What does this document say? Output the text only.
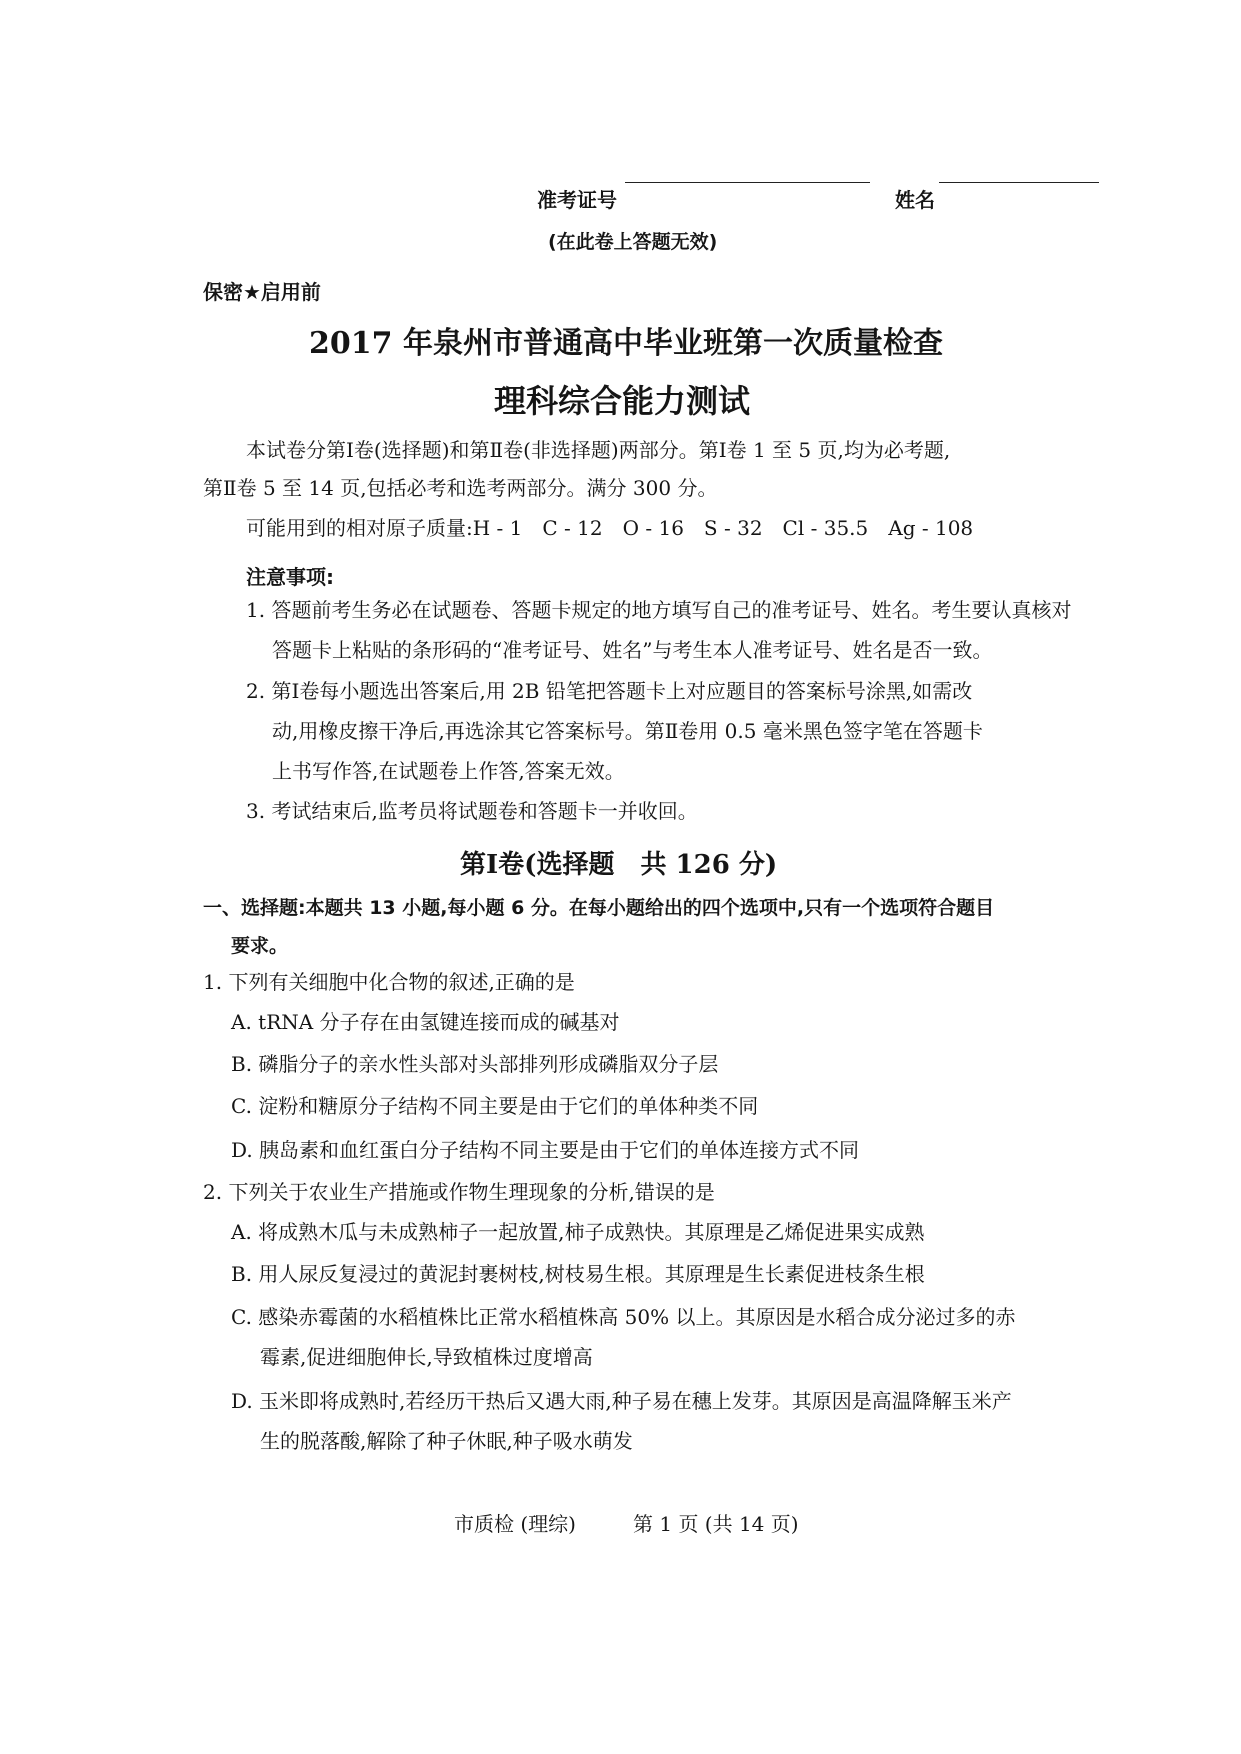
准考证号	姓名
(在此卷上答题无效)
保密★启用前
2017 年泉州市普通高中毕业班第一次质量检查
理科综合能力测试
本试卷分第Ⅰ卷(选择题)和第Ⅱ卷(非选择题)两部分。第Ⅰ卷 1 至 5 页,均为必考题,
第Ⅱ卷 5 至 14 页,包括必考和选考两部分。满分 300 分。
可能用到的相对原子质量:H - 1　C - 12　O - 16　S - 32　Cl - 35.5　Ag - 108
注意事项:
1. 答题前考生务必在试题卷、答题卡规定的地方填写自己的准考证号、姓名。考生要认真核对
答题卡上粘贴的条形码的“准考证号、姓名”与考生本人准考证号、姓名是否一致。
2. 第Ⅰ卷每小题选出答案后,用 2B 铅笔把答题卡上对应题目的答案标号涂黑,如需改
动,用橡皮擦干净后,再选涂其它答案标号。第Ⅱ卷用 0.5 毫米黑色签字笔在答题卡
上书写作答,在试题卷上作答,答案无效。
3. 考试结束后,监考员将试题卷和答题卡一并收回。
第Ⅰ卷(选择题　共 126 分)
一、选择题:本题共 13 小题,每小题 6 分。在每小题给出的四个选项中,只有一个选项符合题目
要求。
1. 下列有关细胞中化合物的叙述,正确的是
A. tRNA 分子存在由氢键连接而成的碱基对
B. 磷脂分子的亲水性头部对头部排列形成磷脂双分子层
C. 淀粉和糖原分子结构不同主要是由于它们的单体种类不同
D. 胰岛素和血红蛋白分子结构不同主要是由于它们的单体连接方式不同
2. 下列关于农业生产措施或作物生理现象的分析,错误的是
A. 将成熟木瓜与未成熟柿子一起放置,柿子成熟快。其原理是乙烯促进果实成熟
B. 用人尿反复浸过的黄泥封裹树枝,树枝易生根。其原理是生长素促进枝条生根
C. 感染赤霉菌的水稻植株比正常水稻植株高 50% 以上。其原因是水稻合成分泌过多的赤
霉素,促进细胞伸长,导致植株过度增高
D. 玉米即将成熟时,若经历干热后又遇大雨,种子易在穗上发芽。其原因是高温降解玉米产
生的脱落酸,解除了种子休眠,种子吸水萌发
市质检 (理综)	第 1 页 (共 14 页)
